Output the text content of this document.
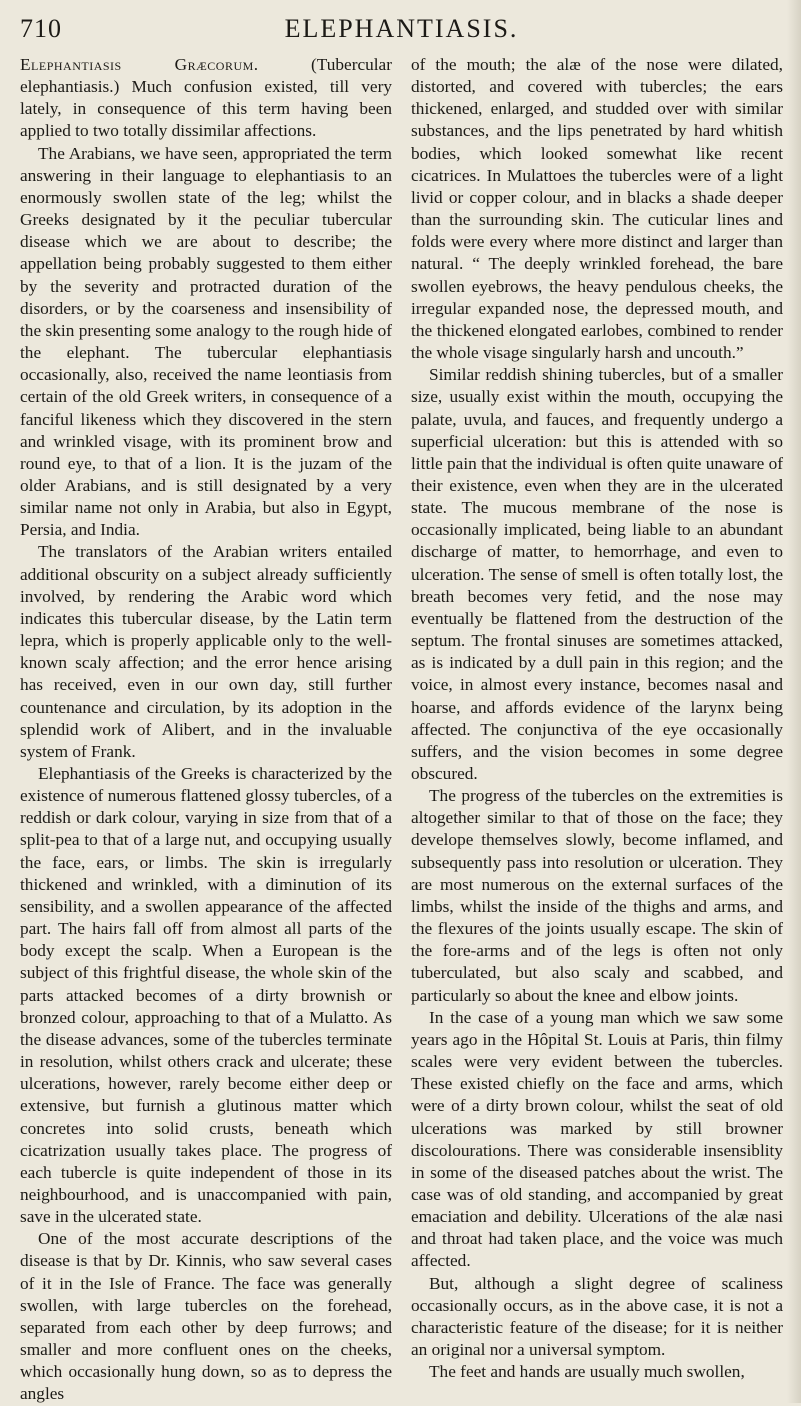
710	ELEPHANTIASIS.

Elephantiasis Græcorum. (Tubercular elephantiasis.) Much confusion existed, till very lately, in consequence of this term having been applied to two totally dissimilar affections.

The Arabians, we have seen, appropriated the term answering in their language to elephantiasis to an enormously swollen state of the leg; whilst the Greeks designated by it the peculiar tubercular disease which we are about to describe; the appellation being probably suggested to them either by the severity and protracted duration of the disorders, or by the coarseness and insensibility of the skin presenting some analogy to the rough hide of the elephant. The tubercular elephantiasis occasionally, also, received the name leontiasis from certain of the old Greek writers, in consequence of a fanciful likeness which they discovered in the stern and wrinkled visage, with its prominent brow and round eye, to that of a lion. It is the juzam of the older Arabians, and is still designated by a very similar name not only in Arabia, but also in Egypt, Persia, and India.

The translators of the Arabian writers entailed additional obscurity on a subject already sufficiently involved, by rendering the Arabic word which indicates this tubercular disease, by the Latin term lepra, which is properly applicable only to the well-known scaly affection; and the error hence arising has received, even in our own day, still further countenance and circulation, by its adoption in the splendid work of Alibert, and in the invaluable system of Frank.

Elephantiasis of the Greeks is characterized by the existence of numerous flattened glossy tubercles, of a reddish or dark colour, varying in size from that of a split-pea to that of a large nut, and occupying usually the face, ears, or limbs. The skin is irregularly thickened and wrinkled, with a diminution of its sensibility, and a swollen appearance of the affected part. The hairs fall off from almost all parts of the body except the scalp. When a European is the subject of this frightful disease, the whole skin of the parts attacked becomes of a dirty brownish or bronzed colour, approaching to that of a Mulatto. As the disease advances, some of the tubercles terminate in resolution, whilst others crack and ulcerate; these ulcerations, however, rarely become either deep or extensive, but furnish a glutinous matter which concretes into solid crusts, beneath which cicatrization usually takes place. The progress of each tubercle is quite independent of those in its neighbourhood, and is unaccompanied with pain, save in the ulcerated state.

One of the most accurate descriptions of the disease is that by Dr. Kinnis, who saw several cases of it in the Isle of France. The face was generally swollen, with large tubercles on the forehead, separated from each other by deep furrows; and smaller and more confluent ones on the cheeks, which occasionally hung down, so as to depress the angles

of the mouth; the alæ of the nose were dilated, distorted, and covered with tubercles; the ears thickened, enlarged, and studded over with similar substances, and the lips penetrated by hard whitish bodies, which looked somewhat like recent cicatrices. In Mulattoes the tubercles were of a light livid or copper colour, and in blacks a shade deeper than the surrounding skin. The cuticular lines and folds were every where more distinct and larger than natural. “ The deeply wrinkled forehead, the bare swollen eyebrows, the heavy pendulous cheeks, the irregular expanded nose, the depressed mouth, and the thickened elongated earlobes, combined to render the whole visage singularly harsh and uncouth.”

Similar reddish shining tubercles, but of a smaller size, usually exist within the mouth, occupying the palate, uvula, and fauces, and frequently undergo a superficial ulceration: but this is attended with so little pain that the individual is often quite unaware of their existence, even when they are in the ulcerated state. The mucous membrane of the nose is occasionally implicated, being liable to an abundant discharge of matter, to hemorrhage, and even to ulceration. The sense of smell is often totally lost, the breath becomes very fetid, and the nose may eventually be flattened from the destruction of the septum. The frontal sinuses are sometimes attacked, as is indicated by a dull pain in this region; and the voice, in almost every instance, becomes nasal and hoarse, and affords evidence of the larynx being affected. The conjunctiva of the eye occasionally suffers, and the vision becomes in some degree obscured.

The progress of the tubercles on the extremities is altogether similar to that of those on the face; they develope themselves slowly, become inflamed, and subsequently pass into resolution or ulceration. They are most numerous on the external surfaces of the limbs, whilst the inside of the thighs and arms, and the flexures of the joints usually escape. The skin of the fore-arms and of the legs is often not only tuberculated, but also scaly and scabbed, and particularly so about the knee and elbow joints.

In the case of a young man which we saw some years ago in the Hôpital St. Louis at Paris, thin filmy scales were very evident between the tubercles. These existed chiefly on the face and arms, which were of a dirty brown colour, whilst the seat of old ulcerations was marked by still browner discolourations. There was considerable insensiblity in some of the diseased patches about the wrist. The case was of old standing, and accompanied by great emaciation and debility. Ulcerations of the alæ nasi and throat had taken place, and the voice was much affected.

But, although a slight degree of scaliness occasionally occurs, as in the above case, it is not a characteristic feature of the disease; for it is neither an original nor a universal symptom.

The feet and hands are usually much swollen,
